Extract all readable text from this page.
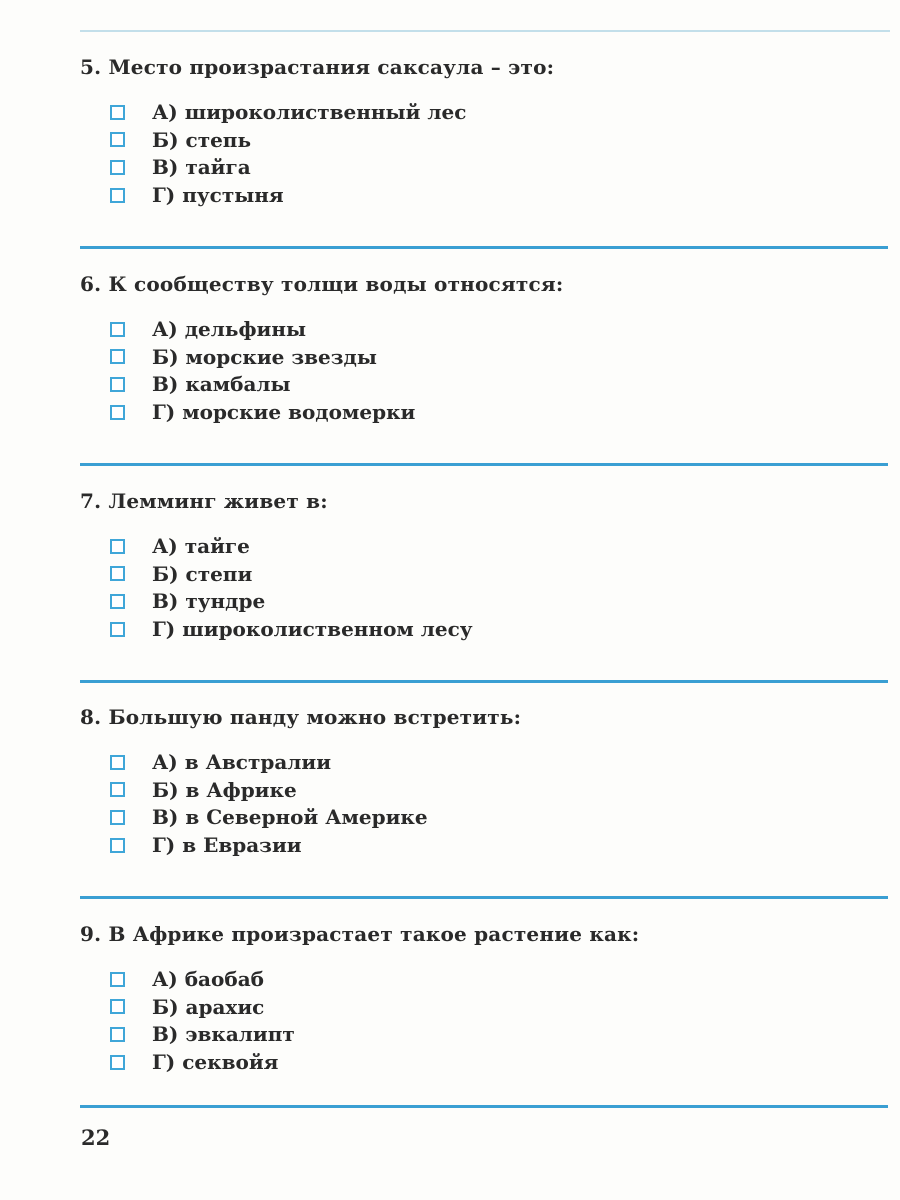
5. Место произрастания саксаула – это:
А) широколиственный лес
Б) степь
В) тайга
Г) пустыня
6. К сообществу толщи воды относятся:
А) дельфины
Б) морские звезды
В) камбалы
Г) морские водомерки
7. Лемминг живет в:
А) тайге
Б) степи
В) тундре
Г) широколиственном лесу
8. Большую панду можно встретить:
А) в Австралии
Б) в Африке
В) в Северной Америке
Г) в Евразии
9. В Африке произрастает такое растение как:
А) баобаб
Б) арахис
В) эвкалипт
Г) секвойя
22
